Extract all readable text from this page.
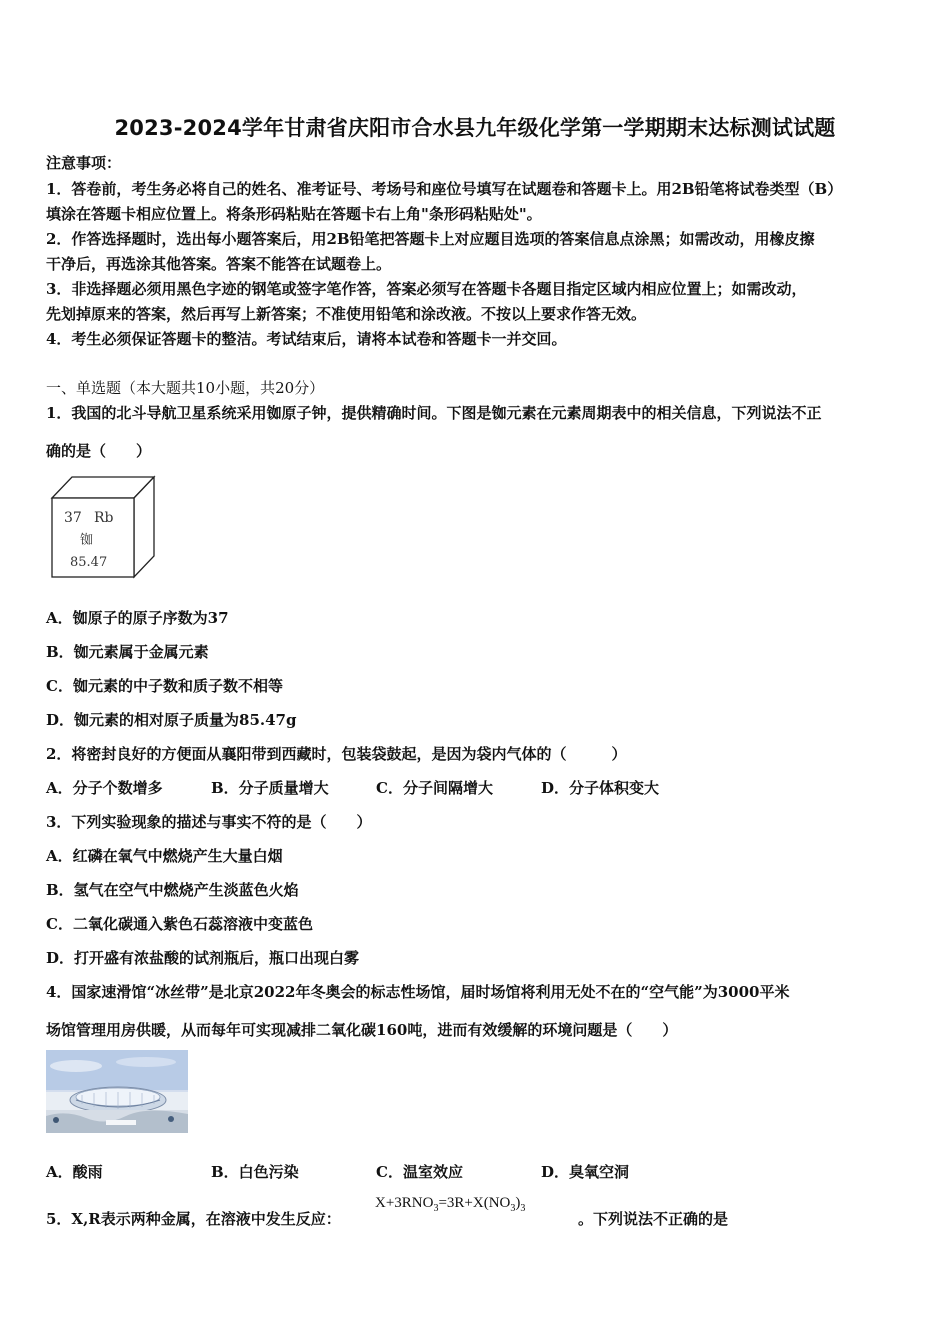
2023-2024学年甘肃省庆阳市合水县九年级化学第一学期期末达标测试试题
注意事项：
1．答卷前，考生务必将自己的姓名、准考证号、考场号和座位号填写在试题卷和答题卡上。用2B铅笔将试卷类型（B）
填涂在答题卡相应位置上。将条形码粘贴在答题卡右上角"条形码粘贴处"。
2．作答选择题时，选出每小题答案后，用2B铅笔把答题卡上对应题目选项的答案信息点涂黑；如需改动，用橡皮擦
干净后，再选涂其他答案。答案不能答在试题卷上。
3．非选择题必须用黑色字迹的钢笔或签字笔作答，答案必须写在答题卡各题目指定区域内相应位置上；如需改动，
先划掉原来的答案，然后再写上新答案；不准使用铅笔和涂改液。不按以上要求作答无效。
4．考生必须保证答题卡的整洁。考试结束后，请将本试卷和答题卡一并交回。
一、单选题（本大题共10小题，共20分）
1．我国的北斗导航卫星系统采用铷原子钟，提供精确时间。下图是铷元素在元素周期表中的相关信息，下列说法不正
确的是（　　）
37 Rb
铷
85.47
A．铷原子的原子序数为37
B．铷元素属于金属元素
C．铷元素的中子数和质子数不相等
D．铷元素的相对原子质量为85.47g
2．将密封良好的方便面从襄阳带到西藏时，包装袋鼓起，是因为袋内气体的（　　　）
A．分子个数增多	B．分子质量增大	C．分子间隔增大	D．分子体积变大
3．下列实验现象的描述与事实不符的是（　　）
A．红磷在氧气中燃烧产生大量白烟
B．氢气在空气中燃烧产生淡蓝色火焰
C．二氧化碳通入紫色石蕊溶液中变蓝色
D．打开盛有浓盐酸的试剂瓶后，瓶口出现白雾
4．国家速滑馆“冰丝带”是北京2022年冬奥会的标志性场馆，届时场馆将利用无处不在的“空气能”为3000平米
场馆管理用房供暖，从而每年可实现减排二氧化碳160吨，进而有效缓解的环境问题是（　　）
A．酸雨	B．白色污染	C．温室效应	D．臭氧空洞
5．X,R表示两种金属，在溶液中发生反应：
$X+3RNO_3=3R+X(NO_3)_3$
。下列说法不正确的是
